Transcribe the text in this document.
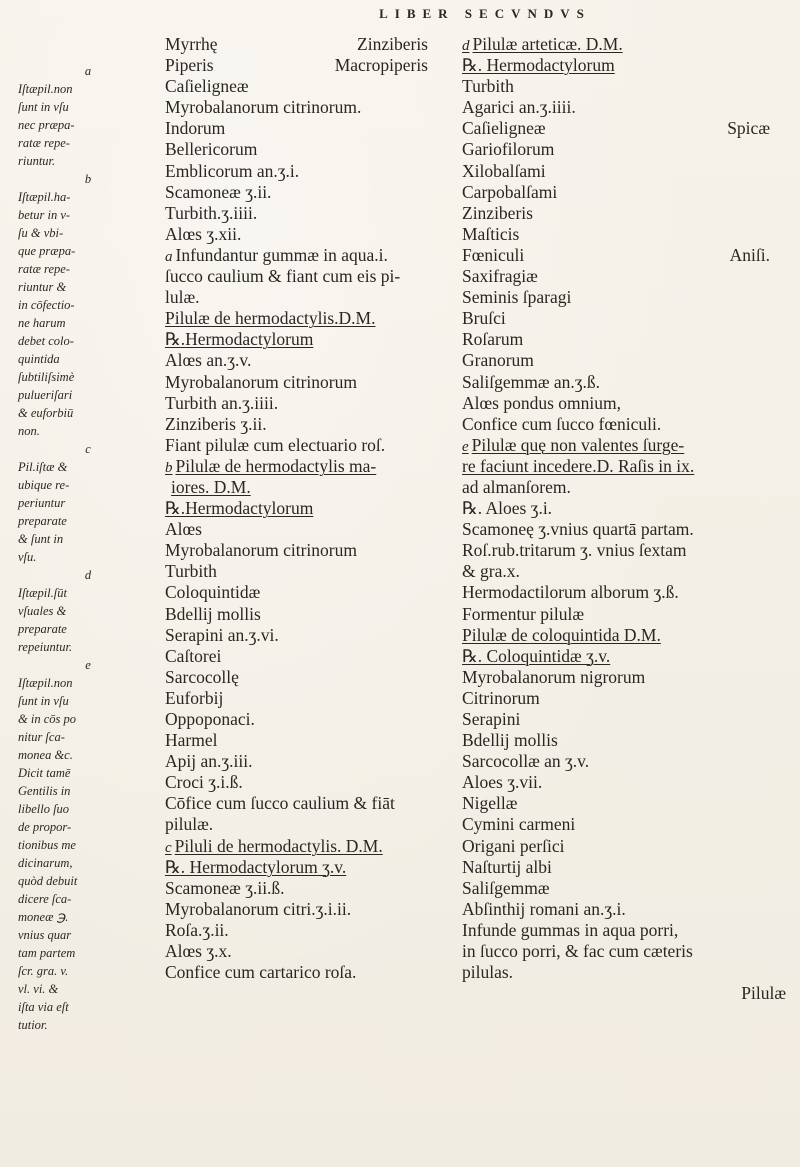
LIBER SECVNDVS
a
Iſtæpil.non
ſunt in vſu
nec præpa-
ratæ repe-
riuntur.
b
Iſtæpil.ha-
betur in v-
ſu & vbi-
que præpa-
ratæ repe-
riuntur &
in cōfectio-
ne harum
debet colo-
quintida
ſubtiliſsimè
pulueriſari
& euforbiū
non.
c
Pil.iſtæ &
ubique re-
periuntur
preparate
& ſunt in
vſu.
d
Iſtæpil.ſūt
vſuales &
preparate
repeiuntur.
e
Iſtæpil.non
ſunt in vſu
& in cōs po
nitur ſca-
monea &c.
Dicit tamē
Gentilis in
libello ſuo
de propor-
tionibus me
dicinarum,
quòd debuit
dicere ſca-
moneæ ℈.
vnius quar
tam partem
ſcr. gra. v.
vl. vi. &
iſta via eſt
tutior.
Myrrhę	Zinziberis
Piperis	Macropiperis
Caſieligneæ
Myrobalanorum citrinorum.
Indorum
Bellericorum
Emblicorum an.ʒ.i.
Scamoneæ ʒ.ii.
Turbith.ʒ.iiii.
Alœs ʒ.xii.
a Infundantur gummæ in aqua.i.
ſucco caulium & fiant cum eis pi-
lulæ.
Pilulæ de hermodactylis.D.M.
℞.Hermodactylorum
Alœs an.ʒ.v.
Myrobalanorum citrinorum
Turbith an.ʒ.iiii.
Zinziberis ʒ.ii.
Fiant pilulæ cum electuario roſ.
b Pilulæ de hermodactylis ma-
iores. D.M.
℞.Hermodactylorum
Alœs
Myrobalanorum citrinorum
Turbith
Coloquintidæ
Bdellij mollis
Serapini an.ʒ.vi.
Caſtorei
Sarcocollę
Euforbij
Oppoponaci.
Harmel
Apij an.ʒ.iii.
Croci ʒ.i.ß.
Cōfice cum ſucco caulium & fiāt
pilulæ.
c Piluli de hermodactylis. D.M.
℞. Hermodactylorum ʒ.v.
Scamoneæ ʒ.ii.ß.
Myrobalanorum citri.ʒ.i.ii.
Roſa.ʒ.ii.
Alœs ʒ.x.
Confice cum cartarico roſa.
d Pilulæ arteticæ. D.M.
℞. Hermodactylorum
Turbith
Agarici an.ʒ.iiii.
Caſieligneæ	Spicæ
Gariofilorum
Xilobalſami
Carpobalſami
Zinziberis
Maſticis
Fœniculi	Aniſi.
Saxifragiæ
Seminis ſparagi
Bruſci
Roſarum
Granorum
Saliſgemmæ an.ʒ.ß.
Alœs pondus omnium,
Confice cum ſucco fœniculi.
e Pilulæ quę non valentes ſurge-
re faciunt incedere.D. Raſis in ix.
ad almanſorem.
℞. Aloes ʒ.i.
Scamoneę ʒ.vnius quartā partam.
Roſ.rub.tritarum ʒ. vnius ſextam
& gra.x.
Hermodactilorum alborum ʒ.ß.
Formentur pilulæ
Pilulæ de coloquintida D.M.
℞. Coloquintidæ ʒ.v.
Myrobalanorum nigrorum
Citrinorum
Serapini
Bdellij mollis
Sarcocollæ an ʒ.v.
Aloes ʒ.vii.
Nigellæ
Cymini carmeni
Origani perſici
Naſturtij albi
Saliſgemmæ
Abſinthij romani an.ʒ.i.
Infunde gummas in aqua porri,
in ſucco porri, & fac cum cæteris
pilulas.
Pilulæ
